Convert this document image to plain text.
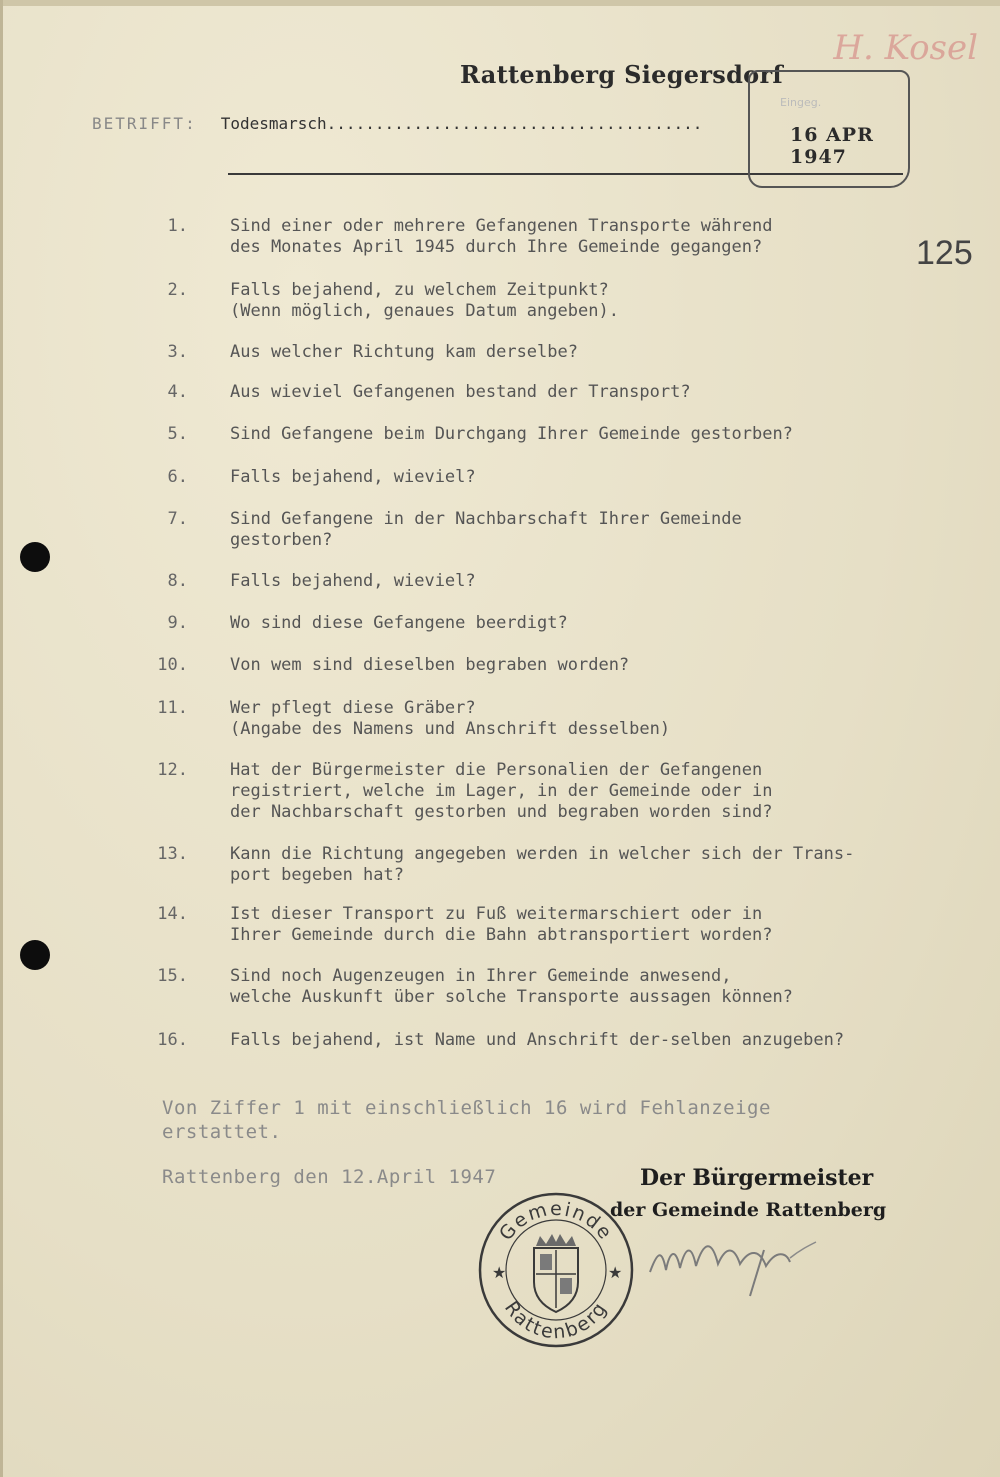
H. Kosel
Rattenberg Siegersdorf
BETRIFFT: Todesmarsch.......................................
Eingeg.
16 APR 1947
125
1. Sind einer oder mehrere Gefangenen Transporte während
des Monates April 1945 durch Ihre Gemeinde gegangen?
2. Falls bejahend, zu welchem Zeitpunkt?
(Wenn möglich, genaues Datum angeben).
3. Aus welcher Richtung kam derselbe?
4. Aus wieviel Gefangenen bestand der Transport?
5. Sind Gefangene beim Durchgang Ihrer Gemeinde gestorben?
6. Falls bejahend, wieviel?
7. Sind Gefangene in der Nachbarschaft Ihrer Gemeinde
gestorben?
8. Falls bejahend, wieviel?
9. Wo sind diese Gefangene beerdigt?
10. Von wem sind dieselben begraben worden?
11. Wer pflegt diese Gräber?
(Angabe des Namens und Anschrift desselben)
12. Hat der Bürgermeister die Personalien der Gefangenen
registriert, welche im Lager, in der Gemeinde oder in
der Nachbarschaft gestorben und begraben worden sind?
13. Kann die Richtung angegeben werden in welcher sich der Trans-
port begeben hat?
14. Ist dieser Transport zu Fuß weitermarschiert oder in
Ihrer Gemeinde durch die Bahn abtransportiert worden?
15. Sind noch Augenzeugen in Ihrer Gemeinde anwesend,
welche Auskunft über solche Transporte aussagen können?
16. Falls bejahend, ist Name und Anschrift der-selben anzugeben?
Von Ziffer 1 mit einschließlich 16 wird Fehlanzeige
erstattet.
Rattenberg den 12.April 1947	Der Bürgermeister
der Gemeinde Rattenberg
Gemeinde
Rattenberg
★	★
